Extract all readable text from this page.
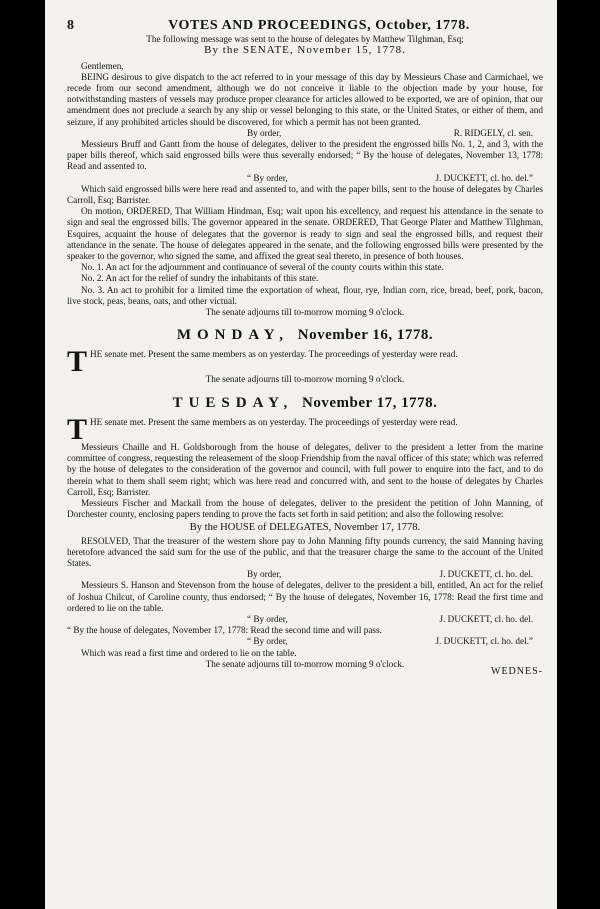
8	VOTES AND PROCEEDINGS, October, 1778.

The following message was sent to the house of delegates by Matthew Tilghman, Esq;

By the SENATE, November 15, 1778.

Gentlemen,

BEING desirous to give dispatch to the act referred to in your message of this day by Messieurs Chase and Carmichael, we recede from our second amendment, although we do not conceive it liable to the objection made by your house, for notwithstanding masters of vessels may produce proper clearance for articles allowed to be exported, we are of opinion, that our amendment does not preclude a search by any ship or vessel belonging to this state, or the United States, or either of them, and seizure, if any prohibited articles should be discovered, for which a permit has not been granted.

By order,	R. RIDGELY, cl. sen.

Messieurs Bruff and Gantt from the house of delegates, deliver to the president the engrossed bills No. 1, 2, and 3, with the paper bills thereof, which said engrossed bills were thus severally endorsed; “ By the house of delegates, November 13, 1778: Read and assented to.

“ By order,	J. DUCKETT, cl. ho. del.”

Which said engrossed bills were here read and assented to, and with the paper bills, sent to the house of delegates by Charles Carroll, Esq; Barrister.

On motion, ORDERED, That William Hindman, Esq; wait upon his excellency, and request his attendance in the senate to sign and seal the engrossed bills. The governor appeared in the senate. ORDERED, That George Plater and Matthew Tilghman, Esquires, acquaint the house of delegates that the governor is ready to sign and seal the engrossed bills, and request their attendance in the senate. The house of delegates appeared in the senate, and the following engrossed bills were presented by the speaker to the governor, who signed the same, and affixed the great seal thereto, in presence of both houses.

No. 1. An act for the adjournment and continuance of several of the county courts within this state.

No. 2. An act for the relief of sundry the inhabitants of this state.

No. 3. An act to prohibit for a limited time the exportation of wheat, flour, rye, Indian corn, rice, bread, beef, pork, bacon, live stock, peas, beans, oats, and other victual.

The senate adjourns till to-morrow morning 9 o'clock.

MONDAY, November 16, 1778.

THE senate met. Present the same members as on yesterday. The proceedings of yesterday were read.

The senate adjourns till to-morrow morning 9 o'clock.

TUESDAY, November 17, 1778.

THE senate met. Present the same members as on yesterday. The proceedings of yesterday were read.

Messieurs Chaille and H. Goldsborough from the house of delegates, deliver to the president a letter from the marine committee of congress, requesting the releasement of the sloop Friendship from the naval officer of this state; which was referred by the house of delegates to the consideration of the governor and council, with full power to enquire into the fact, and to do therein what to them shall seem right; which was here read and concurred with, and sent to the house of delegates by Charles Carroll, Esq; Barrister.

Messieurs Fischer and Mackall from the house of delegates, deliver to the president the petition of John Manning, of Dorchester county, enclosing papers tending to prove the facts set forth in said petition; and also the following resolve:

By the HOUSE of DELEGATES, November 17, 1778.

RESOLVED, That the treasurer of the western shore pay to John Manning fifty pounds currency, the said Manning having heretofore advanced the said sum for the use of the public, and that the treasurer charge the same to the account of the United States.

By order,	J. DUCKETT, cl. ho. del.

Messieurs S. Hanson and Stevenson from the house of delegates, deliver to the president a bill, entitled, An act for the relief of Joshua Chilcut, of Caroline county, thus endorsed; “ By the house of delegates, November 16, 1778: Read the first time and ordered to lie on the table.

“ By order,	J. DUCKETT, cl. ho. del.

“ By the house of delegates, November 17, 1778: Read the second time and will pass.

“ By order,	J. DUCKETT, cl. ho. del.”

Which was read a first time and ordered to lie on the table.

The senate adjourns till to-morrow morning 9 o'clock.

WEDNES-
